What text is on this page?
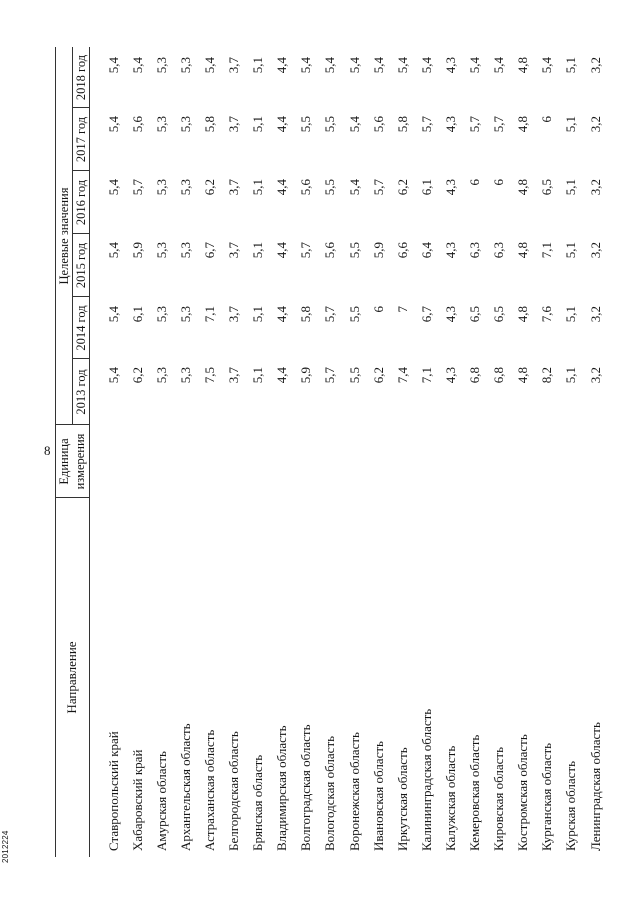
8
2012224
Направление
Единица измерения
Целевые значения
2013 год
2014 год
2015 год
2016 год
2017 год
2018 год
Ставропольский край
5,4
5,4
5,4
5,4
5,4
5,4
Хабаровский край
6,2
6,1
5,9
5,7
5,6
5,4
Амурская область
5,3
5,3
5,3
5,3
5,3
5,3
Архангельская область
5,3
5,3
5,3
5,3
5,3
5,3
Астраханская область
7,5
7,1
6,7
6,2
5,8
5,4
Белгородская область
3,7
3,7
3,7
3,7
3,7
3,7
Брянская область
5,1
5,1
5,1
5,1
5,1
5,1
Владимирская область
4,4
4,4
4,4
4,4
4,4
4,4
Волгоградская область
5,9
5,8
5,7
5,6
5,5
5,4
Вологодская область
5,7
5,7
5,6
5,5
5,5
5,4
Воронежская область
5,5
5,5
5,5
5,4
5,4
5,4
Ивановская область
6,2
6
5,9
5,7
5,6
5,4
Иркутская область
7,4
7
6,6
6,2
5,8
5,4
Калининградская область
7,1
6,7
6,4
6,1
5,7
5,4
Калужская область
4,3
4,3
4,3
4,3
4,3
4,3
Кемеровская область
6,8
6,5
6,3
6
5,7
5,4
Кировская область
6,8
6,5
6,3
6
5,7
5,4
Костромская область
4,8
4,8
4,8
4,8
4,8
4,8
Курганская область
8,2
7,6
7,1
6,5
6
5,4
Курская область
5,1
5,1
5,1
5,1
5,1
5,1
Ленинградская область
3,2
3,2
3,2
3,2
3,2
3,2
